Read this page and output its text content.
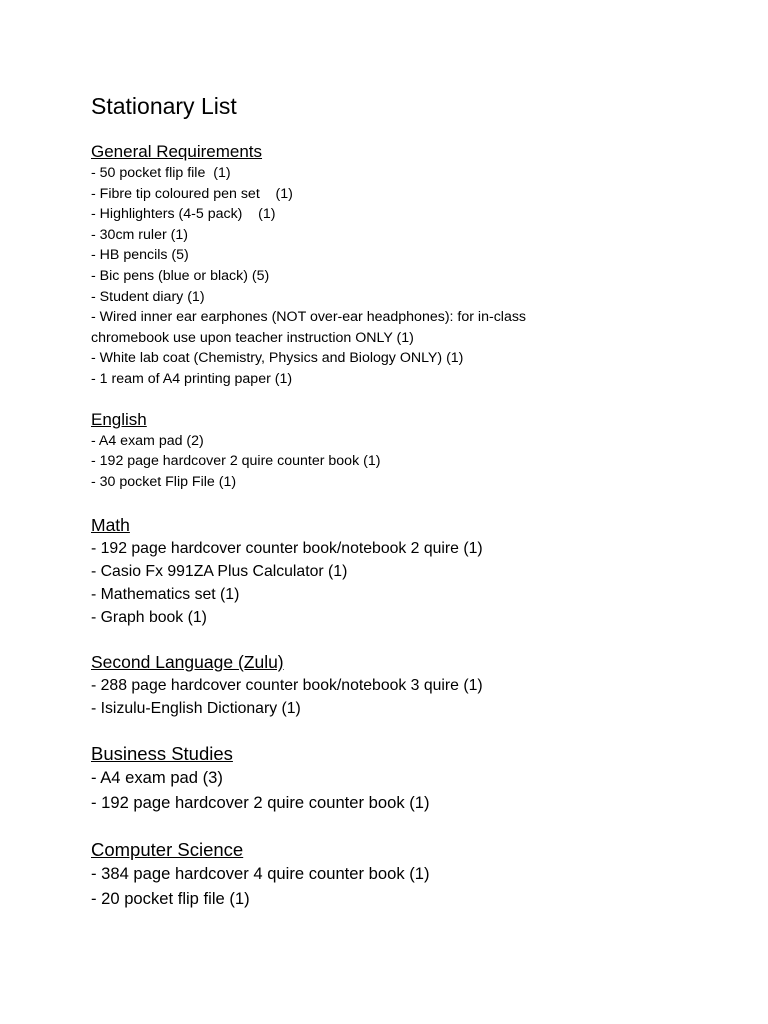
Stationary List
General Requirements
- 50 pocket flip file  (1)
- Fibre tip coloured pen set    (1)
- Highlighters (4-5 pack)    (1)
- 30cm ruler (1)
- HB pencils (5)
- Bic pens (blue or black) (5)
- Student diary (1)
- Wired inner ear earphones (NOT over-ear headphones): for in-class chromebook use upon teacher instruction ONLY (1)
- White lab coat (Chemistry, Physics and Biology ONLY) (1)
- 1 ream of A4 printing paper (1)
English
- A4 exam pad (2)
- 192 page hardcover 2 quire counter book (1)
- 30 pocket Flip File (1)
Math
- 192 page hardcover counter book/notebook 2 quire (1)
- Casio Fx 991ZA Plus Calculator (1)
- Mathematics set (1)
- Graph book (1)
Second Language (Zulu)
- 288 page hardcover counter book/notebook 3 quire (1)
- Isizulu-English Dictionary (1)
Business Studies
- A4 exam pad (3)
- 192 page hardcover 2 quire counter book (1)
Computer Science
- 384 page hardcover 4 quire counter book (1)
- 20 pocket flip file (1)
